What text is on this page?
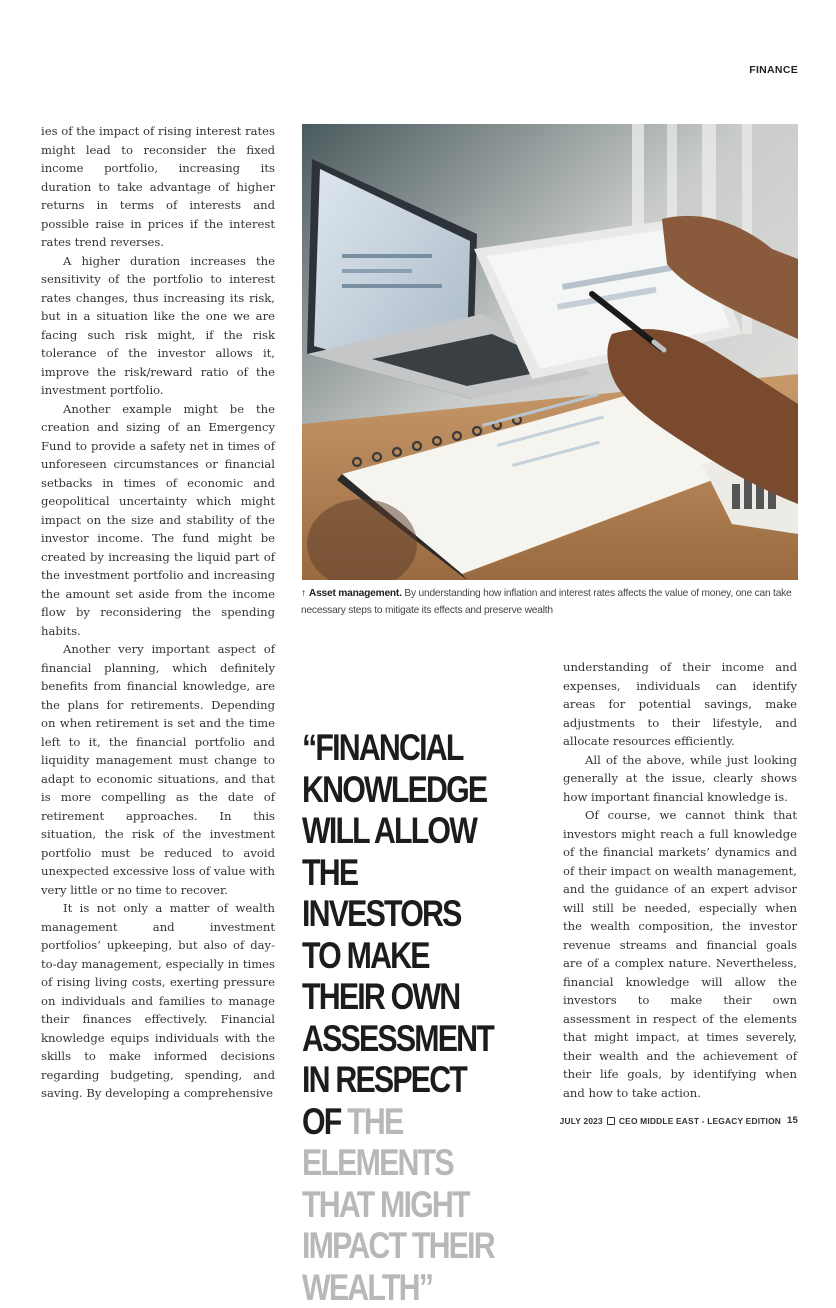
FINANCE

ies of the impact of rising interest rates might lead to reconsider the fixed income portfolio, increasing its duration to take advantage of higher returns in terms of interests and possible raise in prices if the interest rates trend reverses.

A higher duration increases the sensitivity of the portfolio to interest rates changes, thus increasing its risk, but in a situation like the one we are facing such risk might, if the risk tolerance of the investor allows it, improve the risk/reward ratio of the investment portfolio.

Another example might be the creation and sizing of an Emergency Fund to provide a safety net in times of unforeseen circumstances or financial setbacks in times of economic and geopolitical uncertainty which might impact on the size and stability of the investor income. The fund might be created by increasing the liquid part of the investment portfolio and increasing the amount set aside from the income flow by reconsidering the spending habits.

Another very important aspect of financial planning, which definitely benefits from financial knowledge, are the plans for retirements. Depending on when retirement is set and the time left to it, the financial portfolio and liquidity management must change to adapt to economic situations, and that is more compelling as the date of retirement approaches. In this situation, the risk of the investment portfolio must be reduced to avoid unexpected excessive loss of value with very little or no time to recover.

It is not only a matter of wealth management and investment portfolios’ upkeeping, but also of day-to-day management, especially in times of rising living costs, exerting pressure on individuals and families to manage their finances effectively. Financial knowledge equips individuals with the skills to make informed decisions regarding budgeting, spending, and saving. By developing a comprehensive

↑ Asset management. By understanding how inflation and interest rates affects the value of money, one can take necessary steps to mitigate its effects and preserve wealth
“FINANCIAL KNOWLEDGE WILL ALLOW THE INVESTORS TO MAKE THEIR OWN ASSESSMENT IN RESPECT OF THE ELEMENTS THAT MIGHT IMPACT THEIR WEALTH”

understanding of their income and expenses, individuals can identify areas for potential savings, make adjustments to their lifestyle, and allocate resources efficiently.

All of the above, while just looking generally at the issue, clearly shows how important financial knowledge is.

Of course, we cannot think that investors might reach a full knowledge of the financial markets’ dynamics and of their impact on wealth management, and the guidance of an expert advisor will still be needed, especially when the wealth composition, the investor revenue streams and financial goals are of a complex nature. Nevertheless, financial knowledge will allow the investors to make their own assessment in respect of the elements that might impact, at times severely, their wealth and the achievement of their life goals, by identifying when and how to take action.

JULY 2023 CEO MIDDLE EAST - LEGACY EDITION 15
